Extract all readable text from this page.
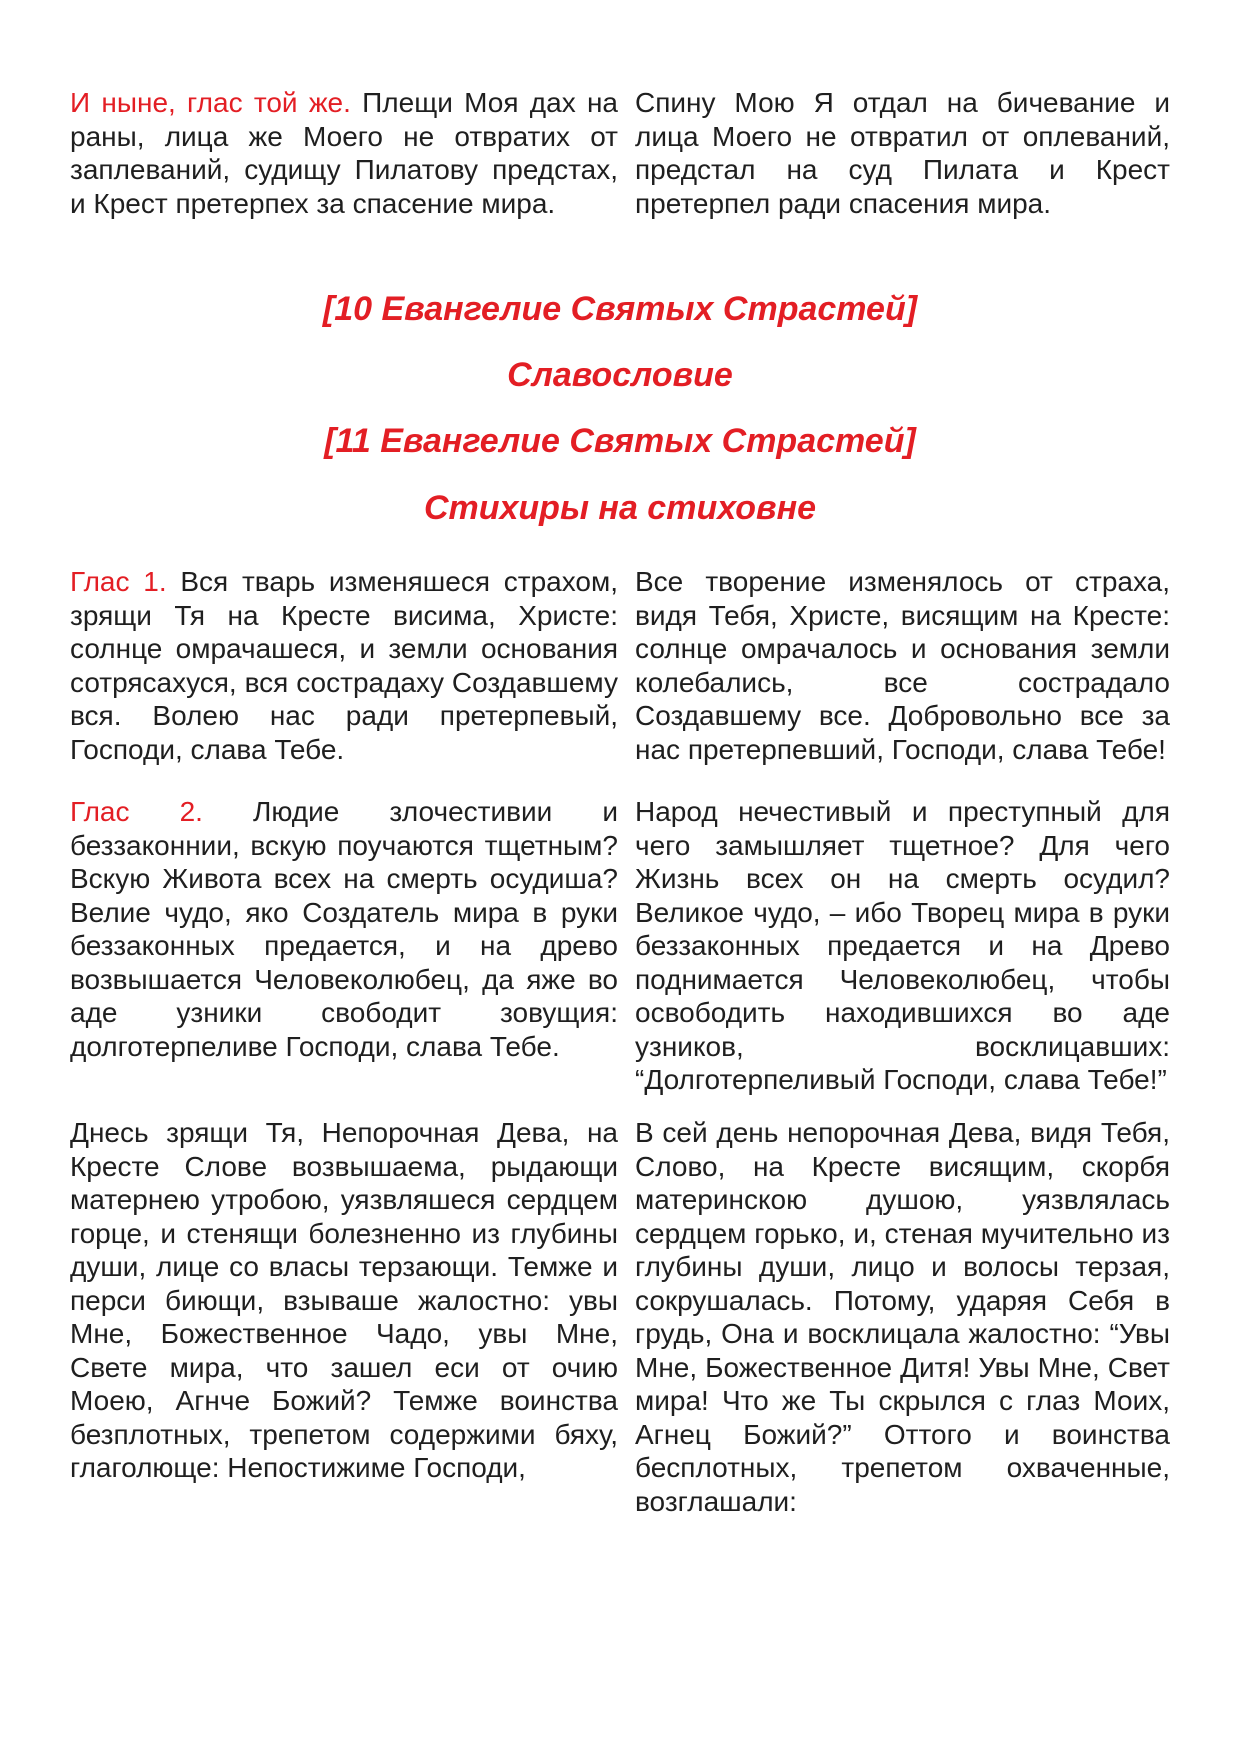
И ныне, глас той же. Плещи Моя дах на раны, лица же Моего не отвратих от заплеваний, судищу Пилатову предстах, и Крест претерпех за спасение мира.

Спину Мою Я отдал на бичевание и лица Моего не отвратил от оплеваний, предстал на суд Пилата и Крест претерпел ради спасения мира.

[10 Евангелие Святых Страстей]
Славословие
[11 Евангелие Святых Страстей]
Стихиры на стиховне

Глас 1. Вся тварь изменяшеся страхом, зрящи Тя на Кресте висима, Христе: солнце омрачашеся, и земли основания сотрясахуся, вся сострадаху Создавшему вся. Волею нас ради претерпевый, Господи, слава Тебе.

Все творение изменялось от страха, видя Тебя, Христе, висящим на Кресте: солнце омрачалось и основания земли колебались, все сострадало Создавшему все. Добровольно все за нас претерпевший, Господи, слава Тебе!

Глас 2. Людие злочестивии и беззаконнии, вскую поучаются тщетным? Вскую Живота всех на смерть осудиша? Велие чудо, яко Создатель мира в руки беззаконных предается, и на древо возвышается Человеколюбец, да яже во аде узники свободит зовущия: долготерпеливе Господи, слава Тебе.

Народ нечестивый и преступный для чего замышляет тщетное? Для чего Жизнь всех он на смерть осудил? Великое чудо, – ибо Творец мира в руки беззаконных предается и на Древо поднимается Человеколюбец, чтобы освободить находившихся во аде узников, восклицавших: “Долготерпеливый Господи, слава Тебе!”

Днесь зрящи Тя, Непорочная Дева, на Кресте Слове возвышаема, рыдающи матернею утробою, уязвляшеся сердцем горце, и стенящи болезненно из глубины души, лице со власы терзающи. Темже и перси биющи, взываше жалостно: увы Мне, Божественное Чадо, увы Мне, Свете мира, что зашел еси от очию Моею, Агнче Божий? Темже воинства безплотных, трепетом содержими бяху, глаголюще: Непостижиме Господи,

В сей день непорочная Дева, видя Тебя, Слово, на Кресте висящим, скорбя материнскою душою, уязвлялась сердцем горько, и, стеная мучительно из глубины души, лицо и волосы терзая, сокрушалась. Потому, ударяя Себя в грудь, Она и восклицала жалостно: “Увы Мне, Божественное Дитя! Увы Мне, Свет мира! Что же Ты скрылся с глаз Моих, Агнец Божий?” Оттого и воинства бесплотных, трепетом охваченные, возглашали:
